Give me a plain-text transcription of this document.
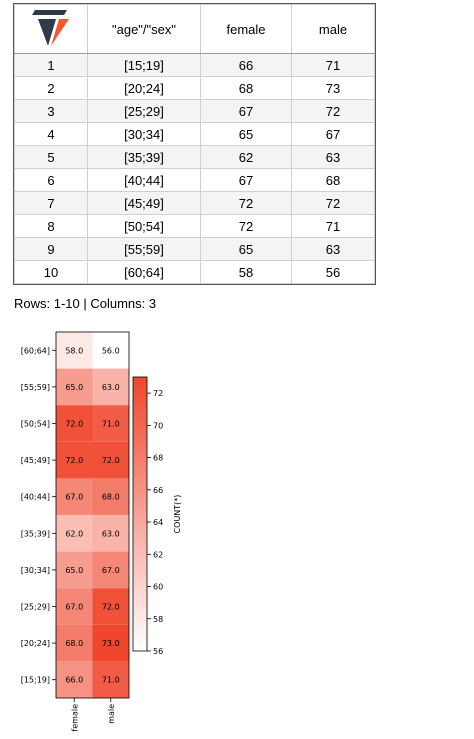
	"age"/"sex"	female	male
1	[15;19]	66	71
2	[20;24]	68	73
3	[25;29]	67	72
4	[30;34]	65	67
5	[35;39]	62	63
6	[40;44]	67	68
7	[45;49]	72	72
8	[50;54]	72	71
9	[55;59]	65	63
10	[60;64]	58	56
Rows: 1-10 | Columns: 3
58.0 56.0
[60;64]
65.0 63.0
[55;59]
72.0 71.0
[50;54]
72.0 72.0
[45;49]
67.0 68.0
[40;44]
62.0 63.0
[35;39]
65.0 67.0
[30;34]
67.0 72.0
[25;29]
68.0 73.0
[20;24]
66.0 71.0
[15;19]
female	male
56
58
60
62
64
66
68
70
72
COUNT(*)
